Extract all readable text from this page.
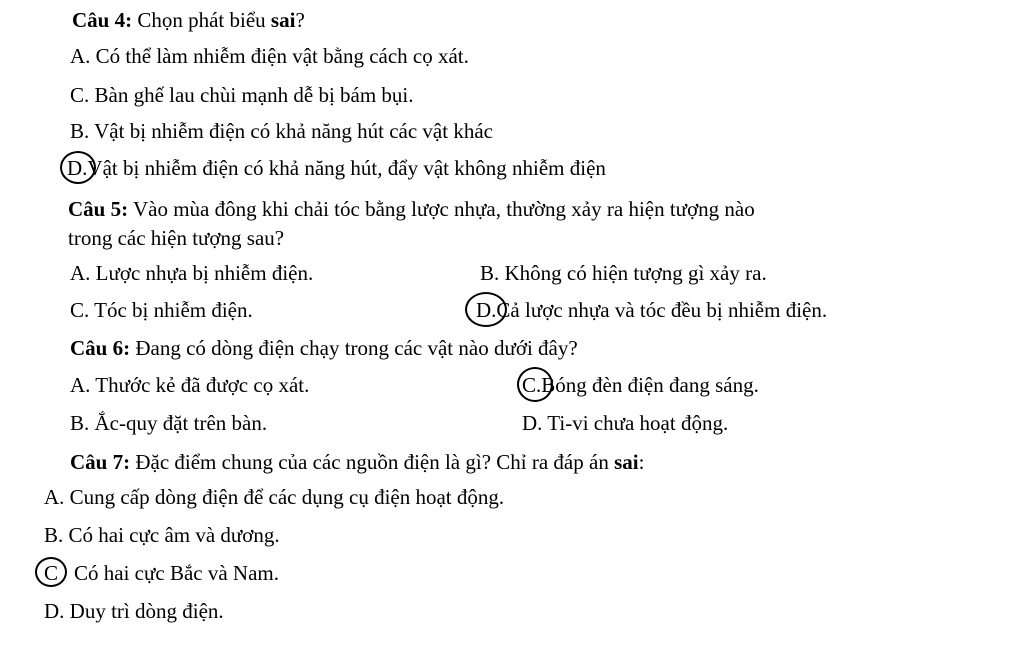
Câu 4: Chọn phát biểu sai?
A. Có thể làm nhiễm điện vật bằng cách cọ xát.
C. Bàn ghế lau chùi mạnh dễ bị bám bụi.
B. Vật bị nhiễm điện có khả năng hút các vật khác
D.Vật bị nhiễm điện có khả năng hút, đẩy vật không nhiễm điện
Câu 5: Vào mùa đông khi chải tóc bằng lược nhựa, thường xảy ra hiện tượng nào
trong các hiện tượng sau?
A. Lược nhựa bị nhiễm điện.	B. Không có hiện tượng gì xảy ra.
C. Tóc bị nhiễm điện.	D.Cả lược nhựa và tóc đều bị nhiễm điện.
Câu 6: Đang có dòng điện chạy trong các vật nào dưới đây?
A. Thước kẻ đã được cọ xát.	C.Bóng đèn điện đang sáng.
B. Ắc-quy đặt trên bàn.	D. Ti-vi chưa hoạt động.
Câu 7: Đặc điểm chung của các nguồn điện là gì? Chỉ ra đáp án sai:
A. Cung cấp dòng điện để các dụng cụ điện hoạt động.
B. Có hai cực âm và dương.
C Có hai cực Bắc và Nam.
D. Duy trì dòng điện.
